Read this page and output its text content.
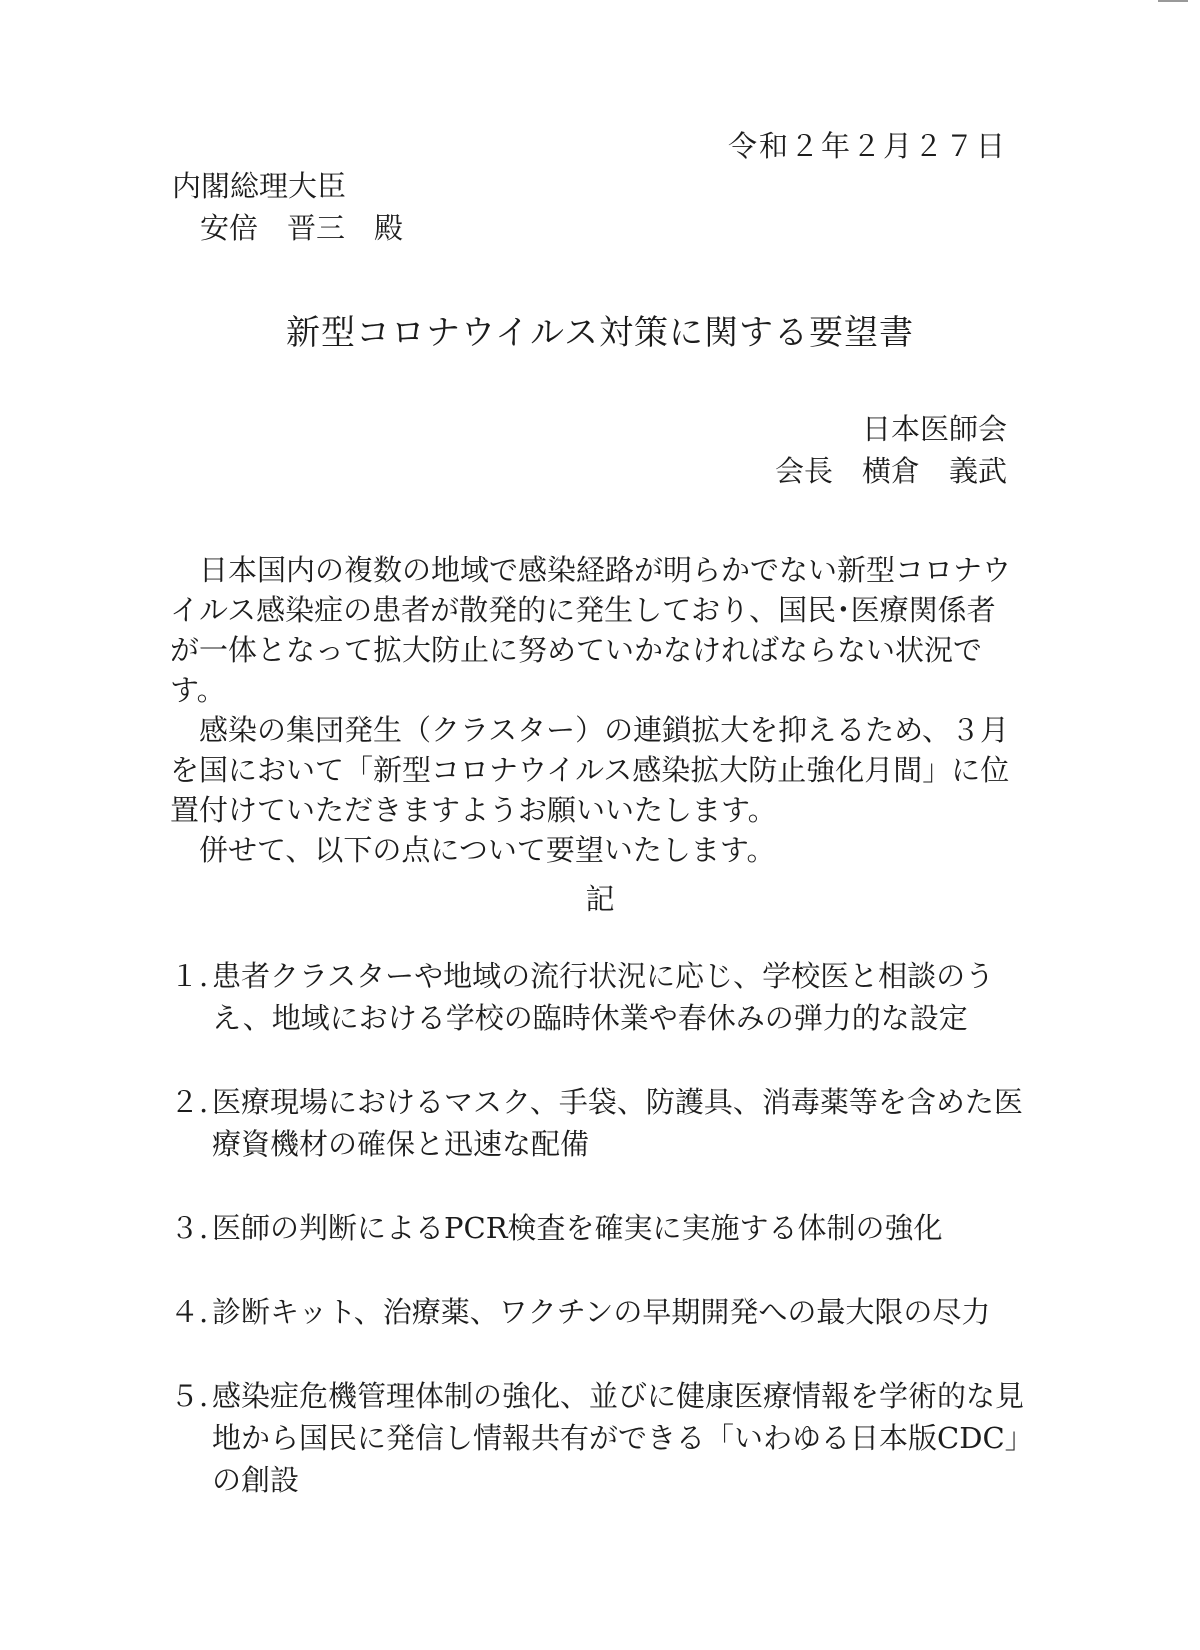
令和２年２月２７日
内閣総理大臣
安倍　晋三　殿
新型コロナウイルス対策に関する要望書
日本医師会
会長　横倉　義武

日本国内の複数の地域で感染経路が明らかでない新型コロナウイルス感染症の患者が散発的に発生しており、国民･医療関係者が一体となって拡大防止に努めていかなければならない状況です。

感染の集団発生（クラスター）の連鎖拡大を抑えるため、３月を国において「新型コロナウイルス感染拡大防止強化月間」に位置付けていただきますようお願いいたします。

併せて、以下の点について要望いたします。

記
１. 患者クラスターや地域の流行状況に応じ、学校医と相談のうえ、地域における学校の臨時休業や春休みの弾力的な設定
２. 医療現場におけるマスク、手袋、防護具、消毒薬等を含めた医療資機材の確保と迅速な配備
３. 医師の判断によるPCR検査を確実に実施する体制の強化
４. 診断キット、治療薬、ワクチンの早期開発への最大限の尽力
５. 感染症危機管理体制の強化、並びに健康医療情報を学術的な見地から国民に発信し情報共有ができる「いわゆる日本版CDC」の創設
